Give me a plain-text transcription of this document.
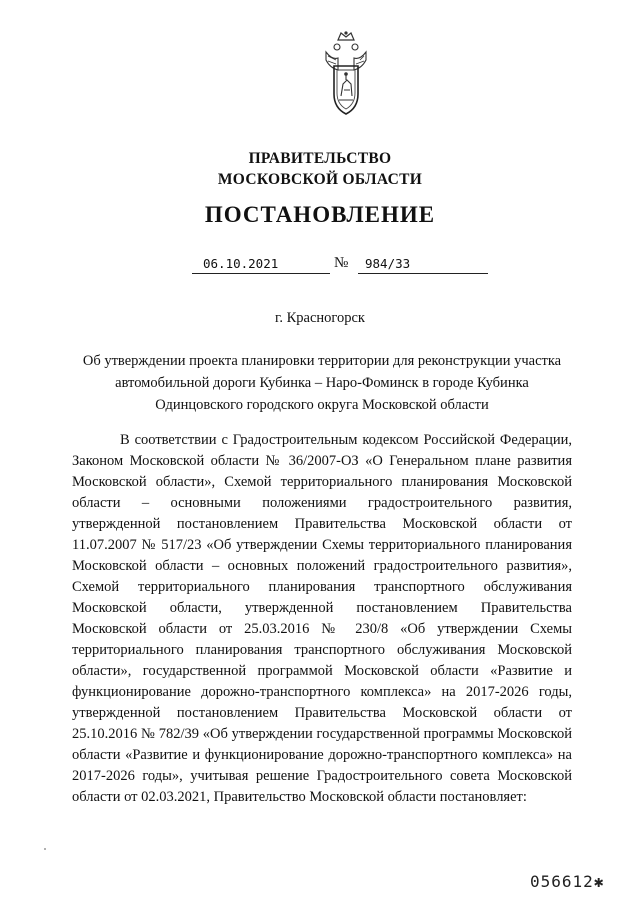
ПРАВИТЕЛЬСТВО
МОСКОВСКОЙ ОБЛАСТИ
ПОСТАНОВЛЕНИЕ
06.10.2021	№ 984/33
г. Красногорск
Об утверждении проекта планировки территории для реконструкции участка автомобильной дороги Кубинка – Наро-Фоминск в городе Кубинка Одинцовского городского округа Московской области
В соответствии с Градостроительным кодексом Российской Федерации, Законом Московской области № 36/2007-ОЗ «О Генеральном плане развития Московской области», Схемой территориального планирования Московской области – основными положениями градостроительного развития, утвержденной постановлением Правительства Московской области от 11.07.2007 № 517/23 «Об утверждении Схемы территориального планирования Московской области – основных положений градостроительного развития», Схемой территориального планирования транспортного обслуживания Московской области, утвержденной постановлением Правительства Московской области от 25.03.2016 № 230/8 «Об утверждении Схемы территориального планирования транспортного обслуживания Московской области», государственной программой Московской области «Развитие и функционирование дорожно-транспортного комплекса» на 2017-2026 годы, утвержденной постановлением Правительства Московской области от 25.10.2016 № 782/39 «Об утверждении государственной программы Московской области «Развитие и функционирование дорожно-транспортного комплекса» на 2017-2026 годы», учитывая решение Градостроительного совета Московской области от 02.03.2021, Правительство Московской области постановляет:
056612✱
